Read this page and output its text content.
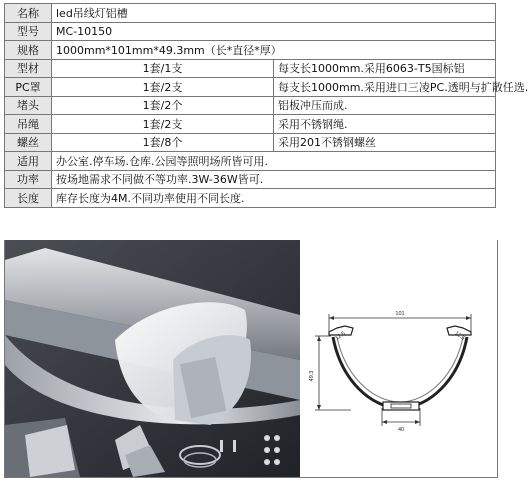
名称	led吊线灯铝槽	
型号	MC-10150	
规格	1000mm*101mm*49.3mm（长*直径*厚）	
型材	1套/1支	每支长1000mm.采用6063-T5国标铝
PC罩	1套/2支	每支长1000mm.采用进口三凌PC.透明与扩散任选.
堵头	1套/2个	铝板冲压而成.
吊绳	1套/2支	采用不锈钢绳.
螺丝	1套/8个	采用201不锈钢螺丝
适用	办公室.停车场.仓库.公园等照明场所皆可用.	
功率	按场地需求不同做不等功率.3W-36W皆可.	
长度	库存长度为4M.不同功率使用不同长度.	
101
49.3
40
12.5	12.5
